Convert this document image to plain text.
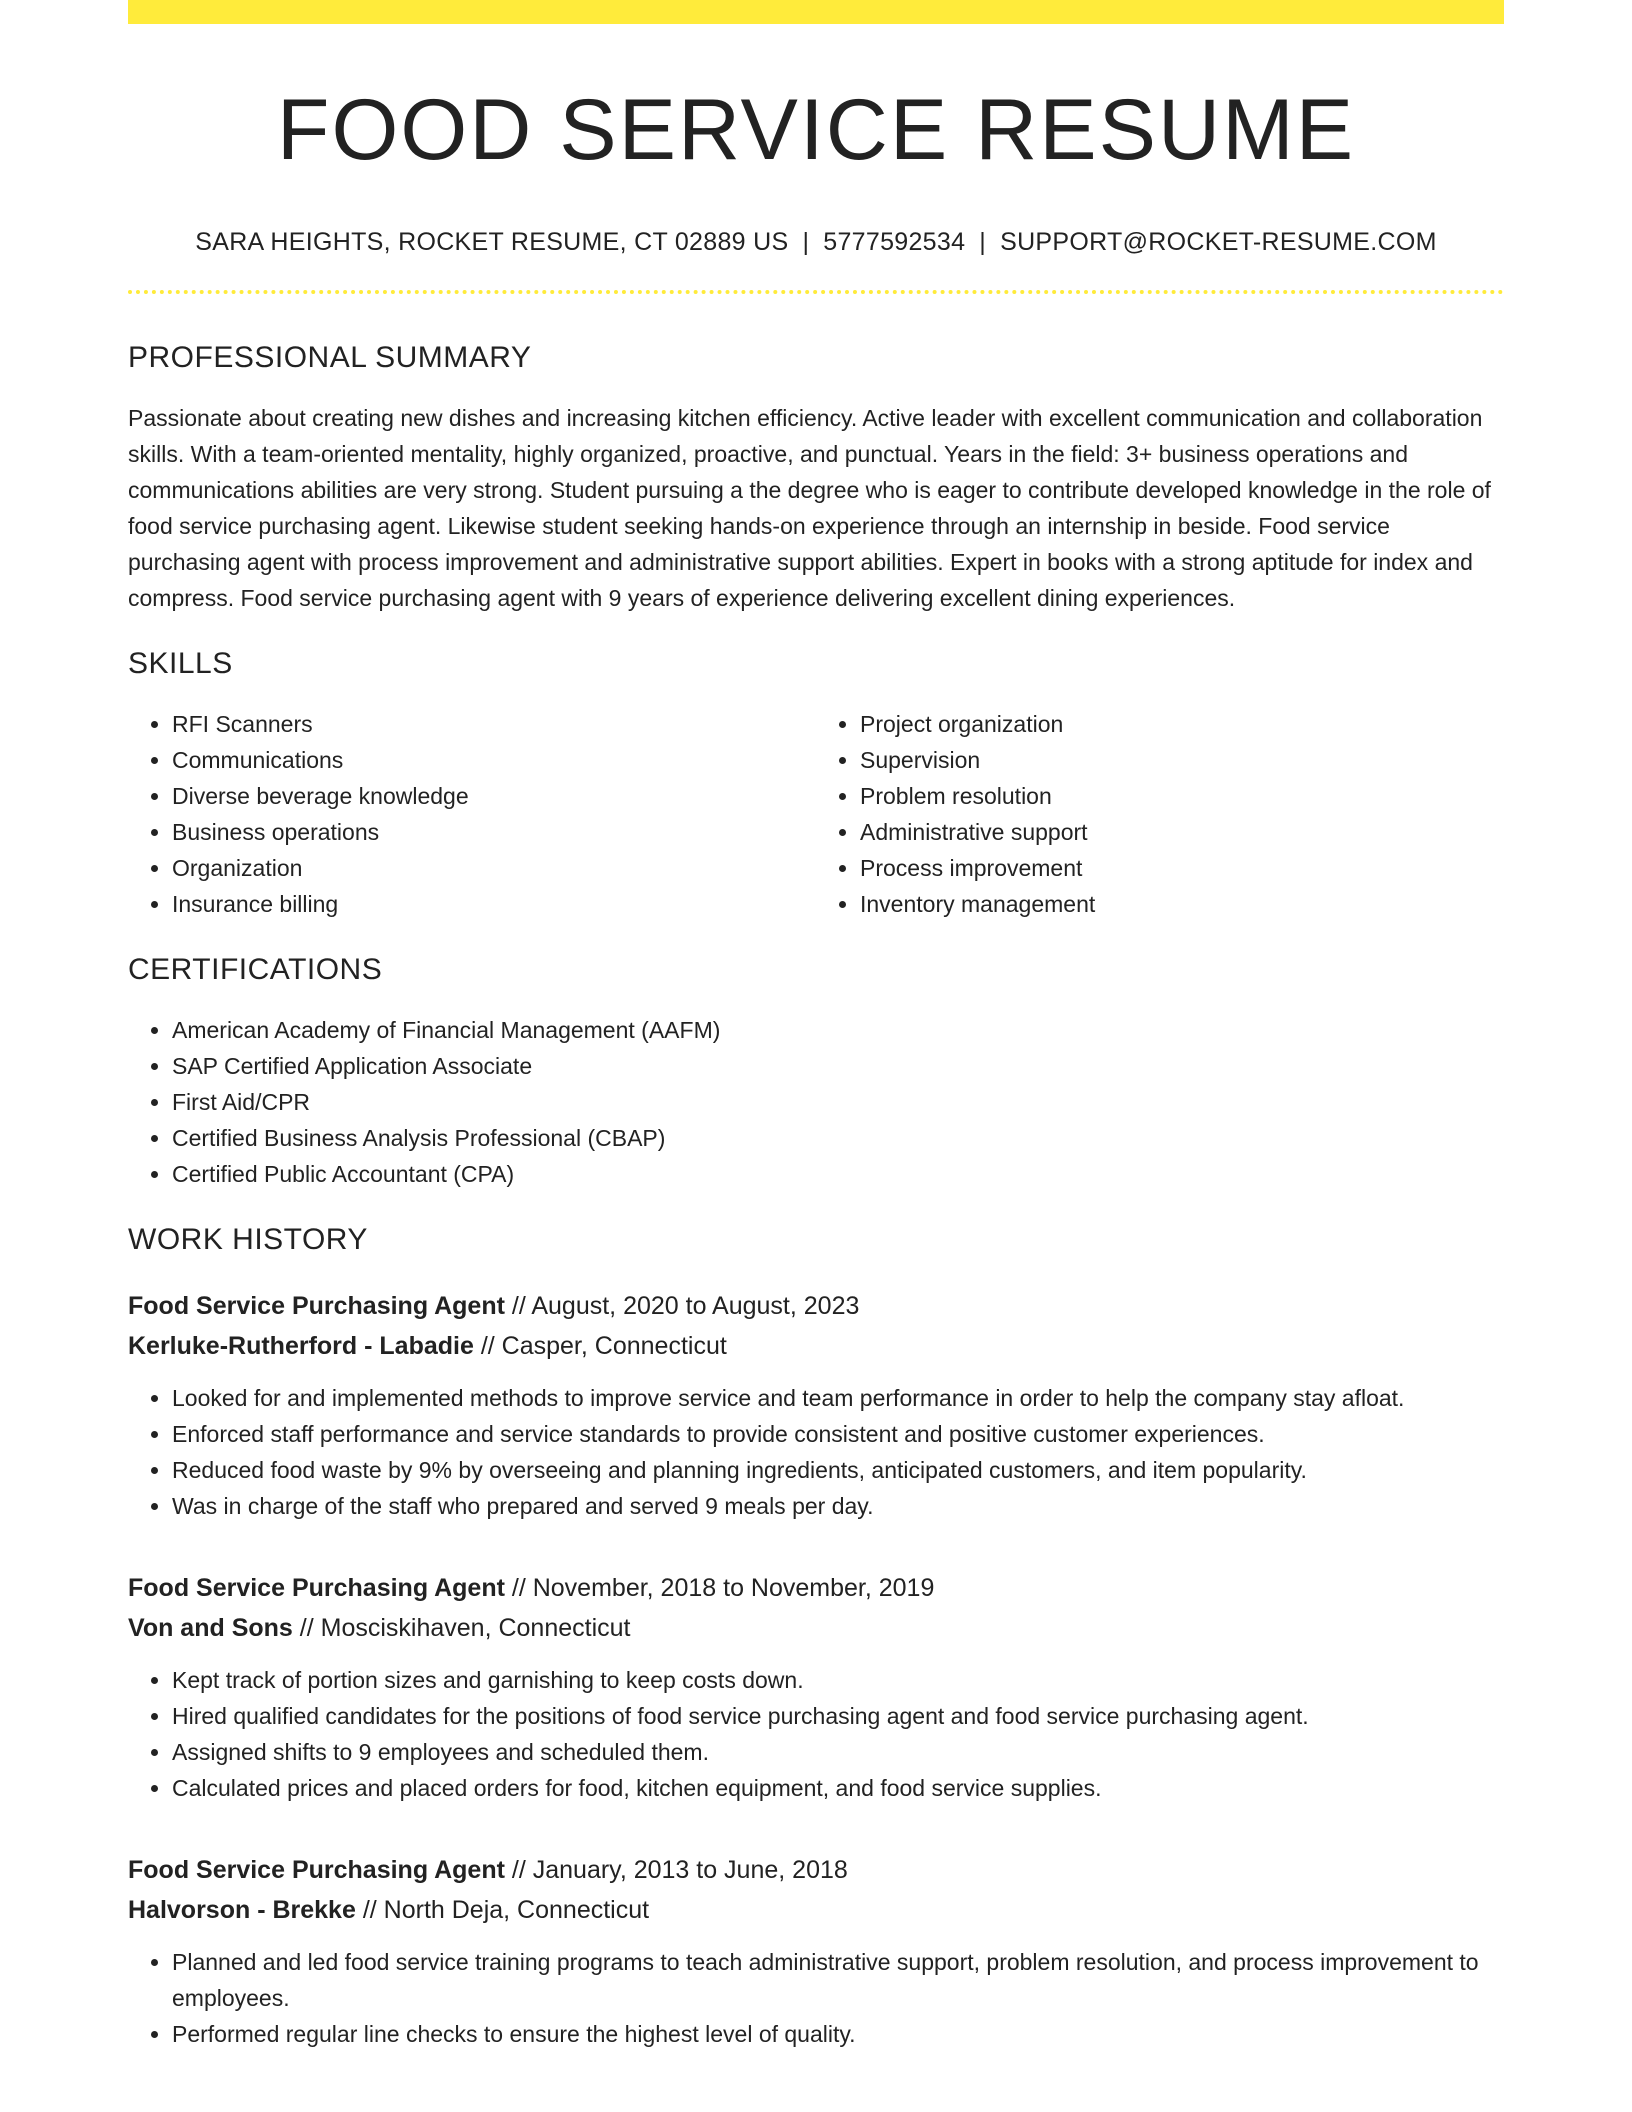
FOOD SERVICE RESUME
SARA HEIGHTS, ROCKET RESUME, CT 02889 US | 5777592534 | SUPPORT@ROCKET-RESUME.COM
PROFESSIONAL SUMMARY

Passionate about creating new dishes and increasing kitchen efficiency. Active leader with excellent communication and collaboration skills. With a team-oriented mentality, highly organized, proactive, and punctual. Years in the field: 3+ business operations and communications abilities are very strong. Student pursuing a the degree who is eager to contribute developed knowledge in the role of food service purchasing agent. Likewise student seeking hands-on experience through an internship in beside. Food service purchasing agent with process improvement and administrative support abilities. Expert in books with a strong aptitude for index and compress. Food service purchasing agent with 9 years of experience delivering excellent dining experiences.

SKILLS
• RFI Scanners
• Communications
• Diverse beverage knowledge
• Business operations
• Organization
• Insurance billing
• Project organization
• Supervision
• Problem resolution
• Administrative support
• Process improvement
• Inventory management
CERTIFICATIONS
• American Academy of Financial Management (AAFM)
• SAP Certified Application Associate
• First Aid/CPR
• Certified Business Analysis Professional (CBAP)
• Certified Public Accountant (CPA)
WORK HISTORY
Food Service Purchasing Agent // August, 2020 to August, 2023
Kerluke-Rutherford - Labadie // Casper, Connecticut
• Looked for and implemented methods to improve service and team performance in order to help the company stay afloat.
• Enforced staff performance and service standards to provide consistent and positive customer experiences.
• Reduced food waste by 9% by overseeing and planning ingredients, anticipated customers, and item popularity.
• Was in charge of the staff who prepared and served 9 meals per day.
Food Service Purchasing Agent // November, 2018 to November, 2019
Von and Sons // Mosciskihaven, Connecticut
• Kept track of portion sizes and garnishing to keep costs down.
• Hired qualified candidates for the positions of food service purchasing agent and food service purchasing agent.
• Assigned shifts to 9 employees and scheduled them.
• Calculated prices and placed orders for food, kitchen equipment, and food service supplies.
Food Service Purchasing Agent // January, 2013 to June, 2018
Halvorson - Brekke // North Deja, Connecticut
• Planned and led food service training programs to teach administrative support, problem resolution, and process improvement to employees.
• Performed regular line checks to ensure the highest level of quality.
